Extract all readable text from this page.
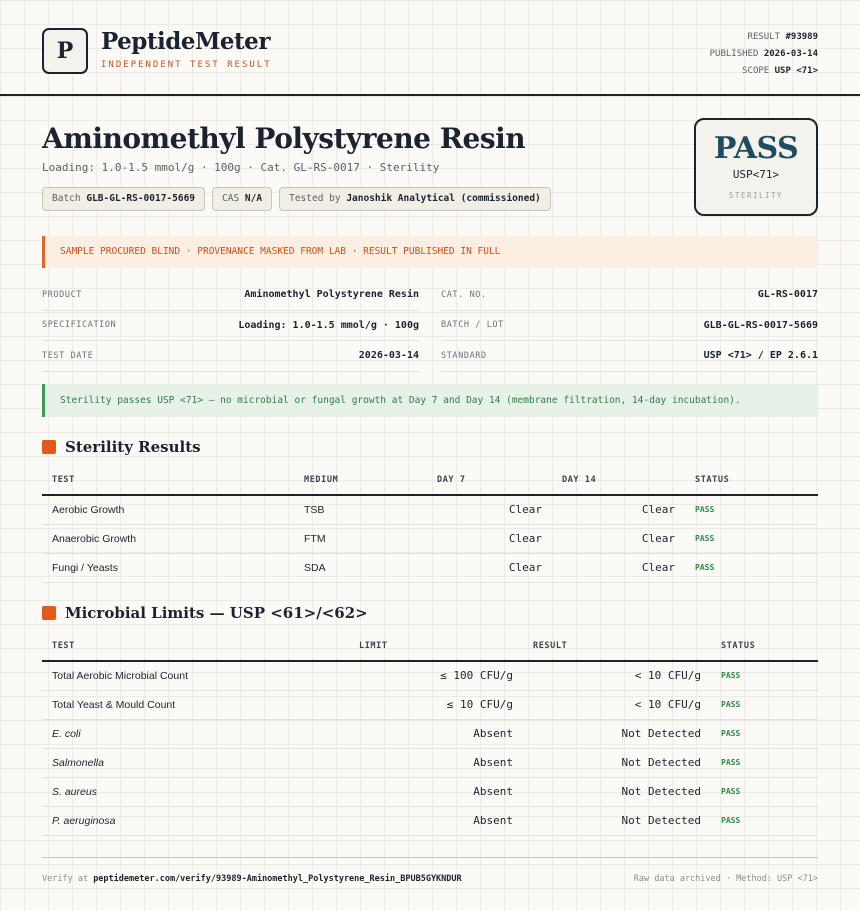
P PeptideMeter
INDEPENDENT TEST RESULT
RESULT #93989
PUBLISHED 2026-03-14
SCOPE USP <71>
Aminomethyl Polystyrene Resin
Loading: 1.0-1.5 mmol/g · 100g · Cat. GL-RS-0017 · Sterility
Batch GLB-GL-RS-0017-5669	CAS N/A	Tested by Janoshik Analytical (commissioned)
PASS
USP<71>
STERILITY
SAMPLE PROCURED BLIND · PROVENANCE MASKED FROM LAB · RESULT PUBLISHED IN FULL
PRODUCT	Aminomethyl Polystyrene Resin
SPECIFICATION	Loading: 1.0-1.5 mmol/g · 100g
TEST DATE	2026-03-14
CAT. NO.	GL-RS-0017
BATCH / LOT	GLB-GL-RS-0017-5669
STANDARD	USP <71> / EP 2.6.1
Sterility passes USP <71> — no microbial or fungal growth at Day 7 and Day 14 (membrane filtration, 14-day incubation).
Sterility Results
TEST	MEDIUM	DAY 7	DAY 14	STATUS
Aerobic Growth	TSB	Clear	Clear	PASS
Anaerobic Growth	FTM	Clear	Clear	PASS
Fungi / Yeasts	SDA	Clear	Clear	PASS
Microbial Limits — USP <61>/<62>
TEST	LIMIT	RESULT	STATUS
Total Aerobic Microbial Count	≤ 100 CFU/g	< 10 CFU/g	PASS
Total Yeast & Mould Count	≤ 10 CFU/g	< 10 CFU/g	PASS
E. coli	Absent	Not Detected	PASS
Salmonella	Absent	Not Detected	PASS
S. aureus	Absent	Not Detected	PASS
P. aeruginosa	Absent	Not Detected	PASS
Verify at peptidemeter.com/verify/93989-Aminomethyl_Polystyrene_Resin_BPUB5GYKNDUR	Raw data archived · Method: USP <71>
